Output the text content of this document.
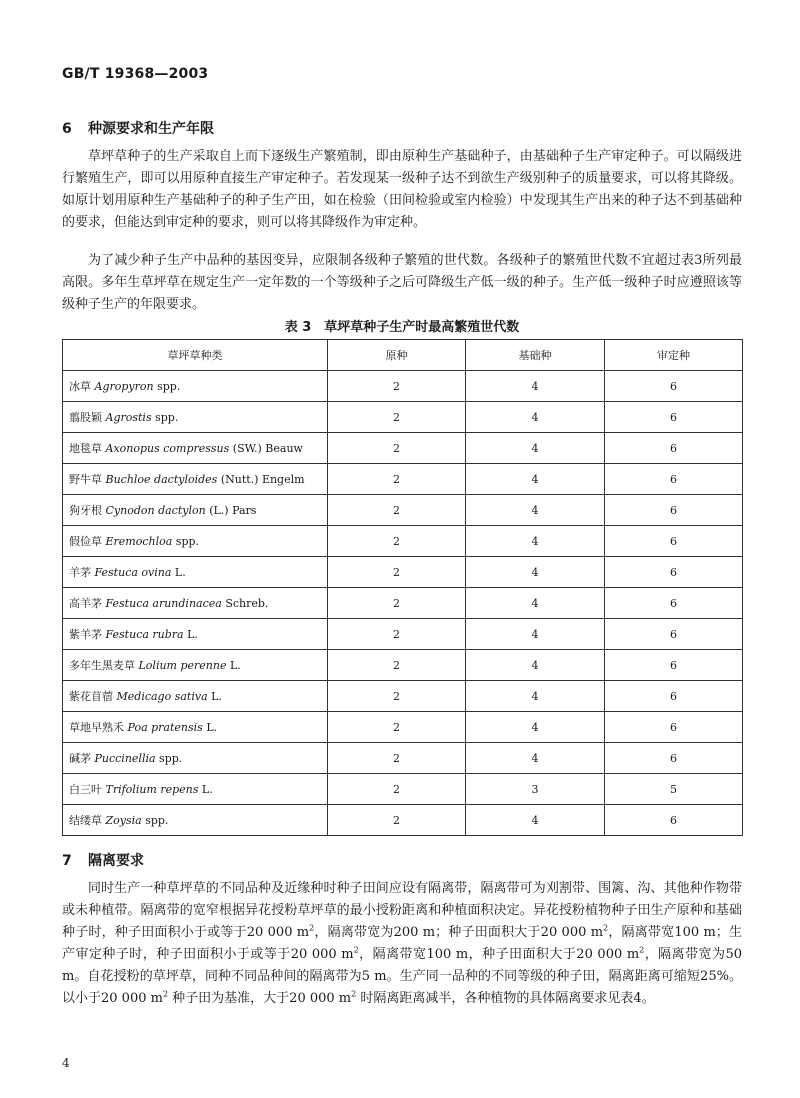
GB/T 19368—2003
6 种源要求和生产年限

草坪草种子的生产采取自上而下逐级生产繁殖制，即由原种生产基础种子，由基础种子生产审定种子。可以隔级进行繁殖生产，即可以用原种直接生产审定种子。若发现某一级种子达不到欲生产级别种子的质量要求，可以将其降级。如原计划用原种生产基础种子的种子生产田，如在检验（田间检验或室内检验）中发现其生产出来的种子达不到基础种的要求，但能达到审定种的要求，则可以将其降级作为审定种。

为了减少种子生产中品种的基因变异，应限制各级种子繁殖的世代数。各级种子的繁殖世代数不宜超过表3所列最高限。多年生草坪草在规定生产一定年数的一个等级种子之后可降级生产低一级的种子。生产低一级种子时应遵照该等级种子生产的年限要求。

表 3　草坪草种子生产时最高繁殖世代数
草坪草种类	原种	基础种	审定种
冰草 Agropyron spp.	2	4	6
翦股颖 Agrostis spp.	2	4	6
地毯草 Axonopus compressus (SW.) Beauw	2	4	6
野牛草 Buchloe dactyloides (Nutt.) Engelm	2	4	6
狗牙根 Cynodon dactylon (L.) Pars	2	4	6
假俭草 Eremochloa spp.	2	4	6
羊茅 Festuca ovina L.	2	4	6
高羊茅 Festuca arundinacea Schreb.	2	4	6
紫羊茅 Festuca rubra L.	2	4	6
多年生黑麦草 Lolium perenne L.	2	4	6
紫花苜蓿 Medicago sativa L.	2	4	6
草地早熟禾 Poa pratensis L.	2	4	6
碱茅 Puccinellia spp.	2	4	6
白三叶 Trifolium repens L.	2	3	5
结缕草 Zoysia spp.	2	4	6
7 隔离要求

同时生产一种草坪草的不同品种及近缘种时种子田间应设有隔离带，隔离带可为刈割带、围篱、沟、其他种作物带或未种植带。隔离带的宽窄根据异花授粉草坪草的最小授粉距离和种植面积决定。异花授粉植物种子田生产原种和基础种子时，种子田面积小于或等于20 000 $m^2$，隔离带宽为200 m；种子田面积大于20 000 $m^2$，隔离带宽100 m；生产审定种子时，种子田面积小于或等于20 000 $m^2$，隔离带宽100 m，种子田面积大于20 000 $m^2$，隔离带宽为50 m。自花授粉的草坪草，同种不同品种间的隔离带为5 m。生产同一品种的不同等级的种子田，隔离距离可缩短25%。以小于20 000 $m^2$ 种子田为基准，大于20 000 $m^2$ 时隔离距离减半，各种植物的具体隔离要求见表4。

4
